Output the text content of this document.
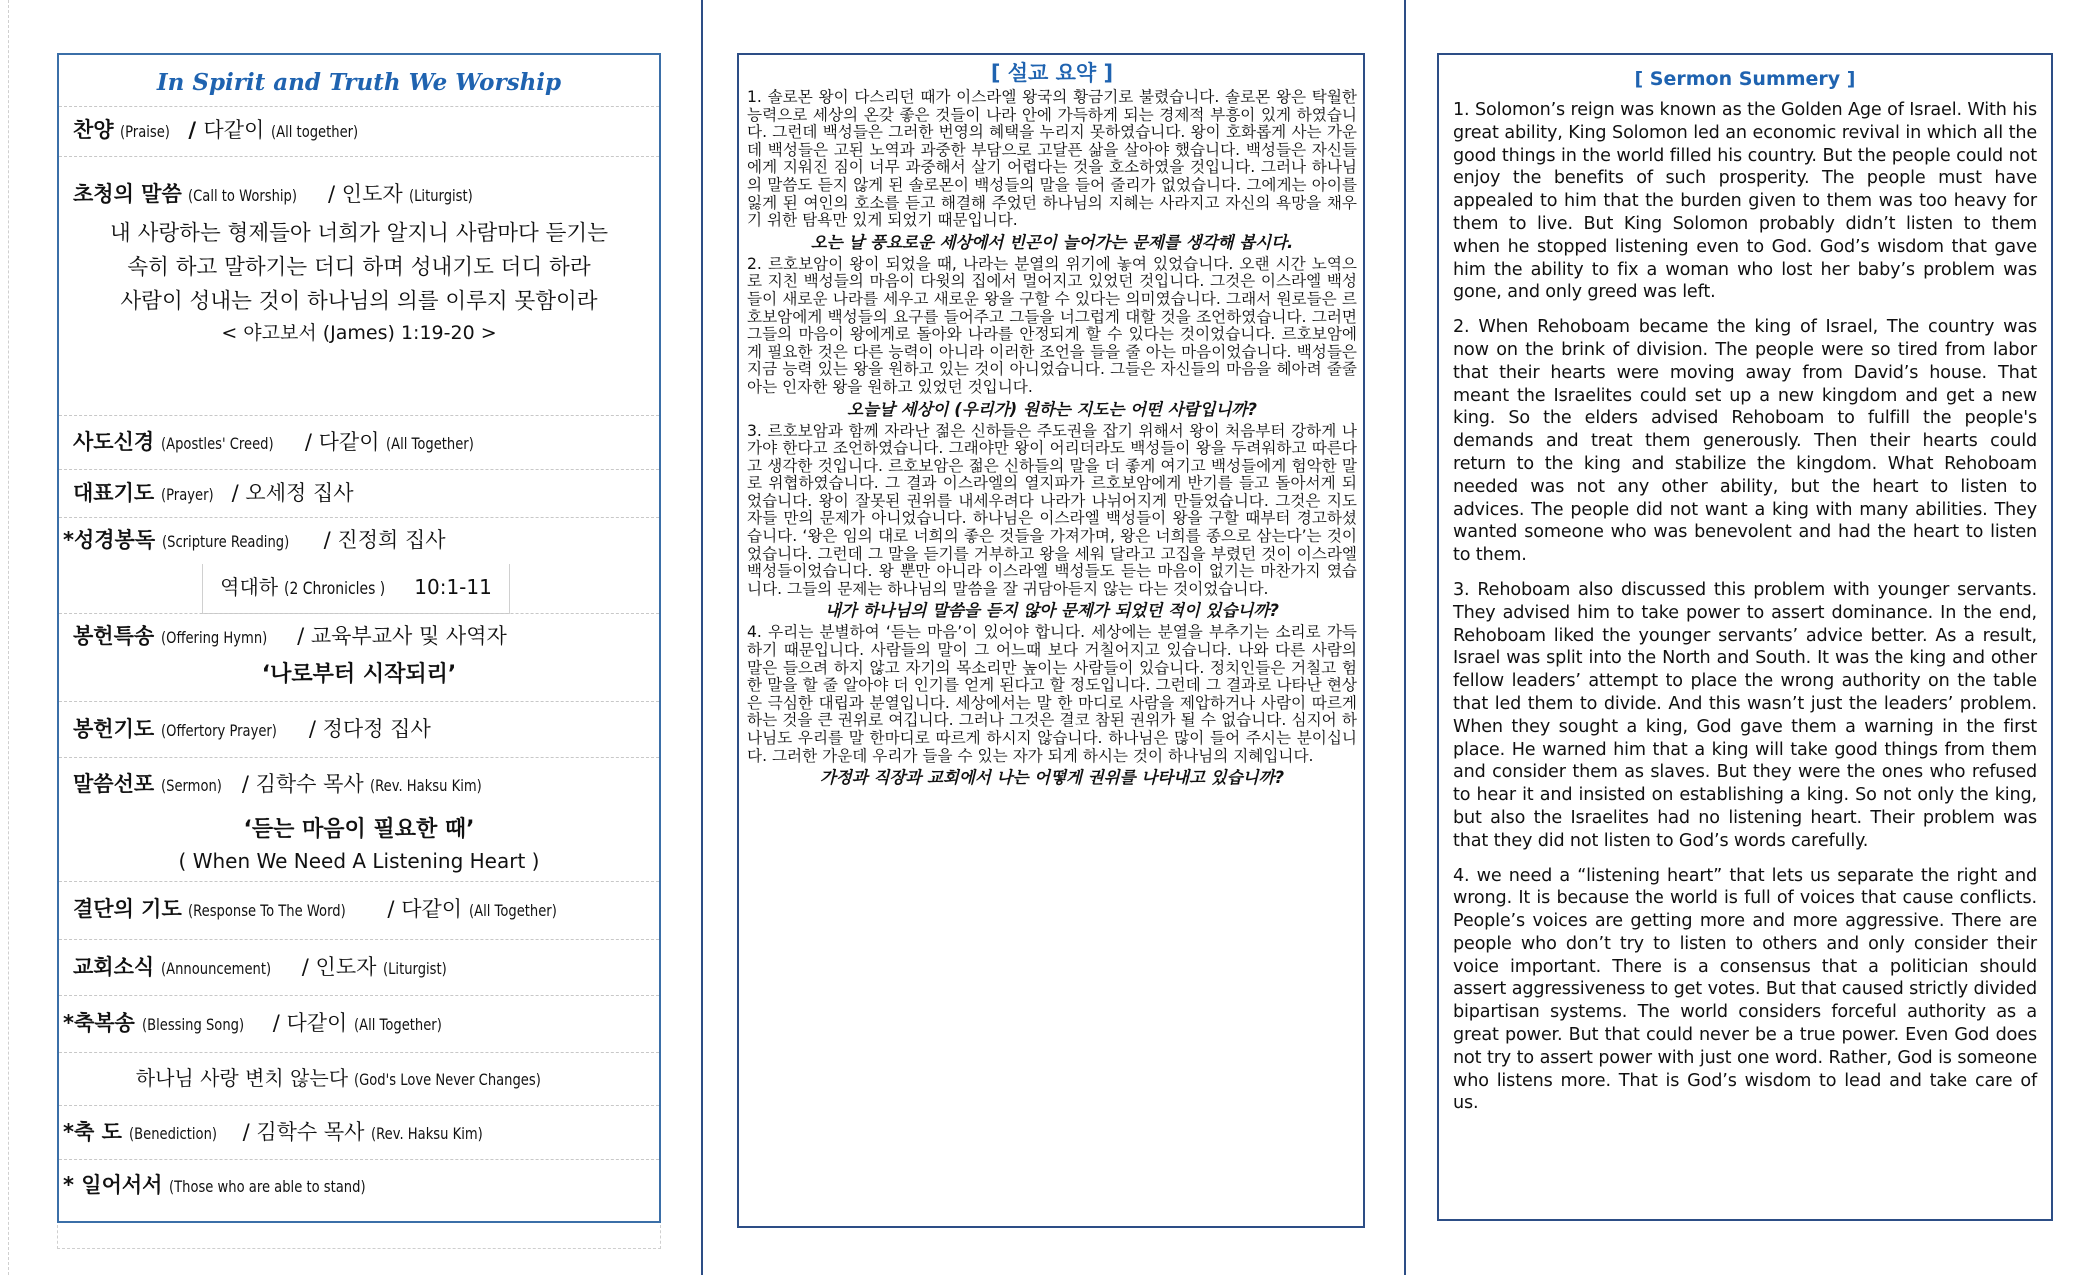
In Spirit and Truth We Worship
찬양 (Praise) / 다같이 (All together)
초청의 말씀 (Call to Worship) / 인도자 (Liturgist)
내 사랑하는 형제들아 너희가 알지니 사람마다 듣기는
속히 하고 말하기는 더디 하며 성내기도 더디 하라
사람이 성내는 것이 하나님의 의를 이루지 못함이라
< 야고보서 (James) 1:19-20 >
사도신경 (Apostles' Creed) / 다같이 (All Together)
대표기도 (Prayer) / 오세정 집사
*성경봉독 (Scripture Reading) / 진정희 집사
역대하 (2 Chronicles ) 10:1-11
봉헌특송 (Offering Hymn) / 교육부교사 및 사역자
‘나로부터 시작되리’
봉헌기도 (Offertory Prayer) / 정다정 집사
말씀선포 (Sermon) / 김학수 목사 (Rev. Haksu Kim)
‘듣는 마음이 필요한 때’
( When We Need A Listening Heart )
결단의 기도 (Response To The Word) / 다같이 (All Together)
교회소식 (Announcement) / 인도자 (Liturgist)
*축복송 (Blessing Song) / 다같이 (All Together)
하나님 사랑 변치 않는다 (God's Love Never Changes)
*축 도 (Benediction) / 김학수 목사 (Rev. Haksu Kim)
* 일어서서 (Those who are able to stand)
[ 설교 요약 ]
1. 솔로몬 왕이 다스리던 때가 이스라엘 왕국의 황금기로 불렸습니다. 솔로몬 왕은 탁월한 능력으로 세상의 온갖 좋은 것들이 나라 안에 가득하게 되는 경제적 부흥이 있게 하였습니다. 그런데 백성들은 그러한 번영의 혜택을 누리지 못하였습니다. 왕이 호화롭게 사는 가운데 백성들은 고된 노역과 과중한 부담으로 고달픈 삶을 살아야 했습니다. 백성들은 자신들에게 지워진 짐이 너무 과중해서 살기 어렵다는 것을 호소하였을 것입니다. 그러나 하나님의 말씀도 듣지 않게 된 솔로몬이 백성들의 말을 들어 줄리가 없었습니다. 그에게는 아이를 잃게 된 여인의 호소를 듣고 해결해 주었던 하나님의 지혜는 사라지고 자신의 욕망을 채우기 위한 탐욕만 있게 되었기 때문입니다.
오는 날 풍요로운 세상에서 빈곤이 늘어가는 문제를 생각해 봅시다.
2. 르호보암이 왕이 되었을 때, 나라는 분열의 위기에 놓여 있었습니다. 오랜 시간 노역으로 지친 백성들의 마음이 다윗의 집에서 멀어지고 있었던 것입니다. 그것은 이스라엘 백성들이 새로운 나라를 세우고 새로운 왕을 구할 수 있다는 의미였습니다. 그래서 원로들은 르호보암에게 백성들의 요구를 들어주고 그들을 너그럽게 대할 것을 조언하였습니다. 그러면 그들의 마음이 왕에게로 돌아와 나라를 안정되게 할 수 있다는 것이었습니다. 르호보암에게 필요한 것은 다른 능력이 아니라 이러한 조언을 들을 줄 아는 마음이었습니다. 백성들은 지금 능력 있는 왕을 원하고 있는 것이 아니었습니다. 그들은 자신들의 마음을 헤아려 줄줄 아는 인자한 왕을 원하고 있었던 것입니다.
오늘날 세상이 (우리가) 원하는 지도는 어떤 사람입니까?
3. 르호보암과 함께 자라난 젊은 신하들은 주도권을 잡기 위해서 왕이 처음부터 강하게 나가야 한다고 조언하였습니다. 그래야만 왕이 어리더라도 백성들이 왕을 두려워하고 따른다고 생각한 것입니다. 르호보암은 젊은 신하들의 말을 더 좋게 여기고 백성들에게 험악한 말로 위협하였습니다. 그 결과 이스라엘의 열지파가 르호보암에게 반기를 들고 돌아서게 되었습니다. 왕이 잘못된 권위를 내세우려다 나라가 나뉘어지게 만들었습니다. 그것은 지도자들 만의 문제가 아니었습니다. 하나님은 이스라엘 백성들이 왕을 구할 때부터 경고하셨습니다. ‘왕은 임의 대로 너희의 좋은 것들을 가져가며, 왕은 너희를 종으로 삼는다’는 것이었습니다. 그런데 그 말을 듣기를 거부하고 왕을 세워 달라고 고집을 부렸던 것이 이스라엘 백성들이었습니다. 왕 뿐만 아니라 이스라엘 백성들도 듣는 마음이 없기는 마찬가지 였습니다. 그들의 문제는 하나님의 말씀을 잘 귀담아듣지 않는 다는 것이었습니다.
내가 하나님의 말씀을 듣지 않아 문제가 되었던 적이 있습니까?
4. 우리는 분별하여 ‘듣는 마음’이 있어야 합니다. 세상에는 분열을 부추기는 소리로 가득하기 때문입니다. 사람들의 말이 그 어느때 보다 거칠어지고 있습니다. 나와 다른 사람의 말은 들으려 하지 않고 자기의 목소리만 높이는 사람들이 있습니다. 정치인들은 거칠고 험한 말을 할 줄 알아야 더 인기를 얻게 된다고 할 정도입니다. 그런데 그 결과로 나타난 현상은 극심한 대립과 분열입니다. 세상에서는 말 한 마디로 사람을 제압하거나 사람이 따르게 하는 것을 큰 권위로 여깁니다. 그러나 그것은 결코 참된 권위가 될 수 없습니다. 심지어 하나님도 우리를 말 한마디로 따르게 하시지 않습니다. 하나님은 많이 들어 주시는 분이십니다. 그러한 가운데 우리가 들을 수 있는 자가 되게 하시는 것이 하나님의 지혜입니다.
가정과 직장과 교회에서 나는 어떻게 권위를 나타내고 있습니까?
[ Sermon Summery ]
1. Solomon’s reign was known as the Golden Age of Israel. With his great ability, King Solomon led an economic revival in which all the good things in the world filled his country. But the people could not enjoy the benefits of such prosperity. The people must have appealed to him that the burden given to them was too heavy for them to live. But King Solomon probably didn’t listen to them when he stopped listening even to God. God’s wisdom that gave him the ability to fix a woman who lost her baby’s problem was gone, and only greed was left.
2. When Rehoboam became the king of Israel, The country was now on the brink of division. The people were so tired from labor that their hearts were moving away from David’s house. That meant the Israelites could set up a new kingdom and get a new king. So the elders advised Rehoboam to fulfill the people's demands and treat them generously. Then their hearts could return to the king and stabilize the kingdom. What Rehoboam needed was not any other ability, but the heart to listen to advices. The people did not want a king with many abilities. They wanted someone who was benevolent and had the heart to listen to them.
3. Rehoboam also discussed this problem with younger servants. They advised him to take power to assert dominance. In the end, Rehoboam liked the younger servants’ advice better. As a result, Israel was split into the North and South. It was the king and other fellow leaders’ attempt to place the wrong authority on the table that led them to divide. And this wasn’t just the leaders’ problem. When they sought a king, God gave them a warning in the first place. He warned him that a king will take good things from them and consider them as slaves. But they were the ones who refused to hear it and insisted on establishing a king. So not only the king, but also the Israelites had no listening heart. Their problem was that they did not listen to God’s words carefully.
4. we need a “listening heart” that lets us separate the right and wrong. It is because the world is full of voices that cause conflicts. People’s voices are getting more and more aggressive. There are people who don’t try to listen to others and only consider their voice important. There is a consensus that a politician should assert aggressiveness to get votes. But that caused strictly divided bipartisan systems. The world considers forceful authority as a great power. But that could never be a true power. Even God does not try to assert power with just one word. Rather, God is someone who listens more. That is God’s wisdom to lead and take care of us.
